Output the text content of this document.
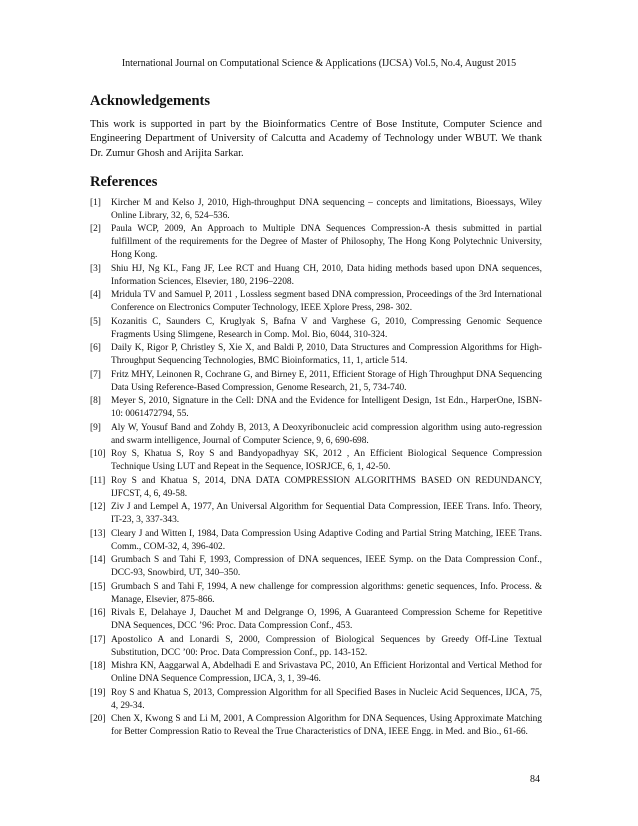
International Journal on Computational Science & Applications (IJCSA) Vol.5, No.4, August 2015
Acknowledgements

This work is supported in part by the Bioinformatics Centre of Bose Institute, Computer Science and Engineering Department of University of Calcutta and Academy of Technology under WBUT. We thank Dr. Zumur Ghosh and Arijita Sarkar.

References
[1]	Kircher M and Kelso J, 2010, High-throughput DNA sequencing – concepts and limitations, Bioessays, Wiley Online Library, 32, 6, 524–536.
[2]	Paula WCP, 2009, An Approach to Multiple DNA Sequences Compression-A thesis submitted in partial fulfillment of the requirements for the Degree of Master of Philosophy, The Hong Kong Polytechnic University, Hong Kong.
[3]	Shiu HJ, Ng KL, Fang JF, Lee RCT and Huang CH, 2010, Data hiding methods based upon DNA sequences, Information Sciences, Elsevier, 180, 2196–2208.
[4]	Mridula TV and Samuel P, 2011 , Lossless segment based DNA compression, Proceedings of the 3rd International Conference on Electronics Computer Technology, IEEE Xplore Press, 298- 302.
[5]	Kozanitis C, Saunders C, Kruglyak S, Bafna V and Varghese G, 2010, Compressing Genomic Sequence Fragments Using Slimgene, Research in Comp. Mol. Bio, 6044, 310-324.
[6]	Daily K, Rigor P, Christley S, Xie X, and Baldi P, 2010, Data Structures and Compression Algorithms for High-Throughput Sequencing Technologies, BMC Bioinformatics, 11, 1, article 514.
[7]	Fritz MHY, Leinonen R, Cochrane G, and Birney E, 2011, Efficient Storage of High Throughput DNA Sequencing Data Using Reference-Based Compression, Genome Research, 21, 5, 734-740.
[8]	Meyer S, 2010, Signature in the Cell: DNA and the Evidence for Intelligent Design, 1st Edn., HarperOne, ISBN-10: 0061472794, 55.
[9]	Aly W, Yousuf Band and Zohdy B, 2013, A Deoxyribonucleic acid compression algorithm using auto-regression and swarm intelligence, Journal of Computer Science, 9, 6, 690-698.
[10] Roy S, Khatua S, Roy S and Bandyopadhyay SK, 2012 , An Efficient Biological Sequence Compression Technique Using LUT and Repeat in the Sequence, IOSRJCE, 6, 1, 42-50.
[11] Roy S and Khatua S, 2014, DNA DATA COMPRESSION ALGORITHMS BASED ON REDUNDANCY, IJFCST, 4, 6, 49-58.
[12] Ziv J and Lempel A, 1977, An Universal Algorithm for Sequential Data Compression, IEEE Trans. Info. Theory, IT-23, 3, 337-343.
[13] Cleary J and Witten I, 1984, Data Compression Using Adaptive Coding and Partial String Matching, IEEE Trans. Comm., COM-32, 4, 396-402.
[14] Grumbach S and Tahi F, 1993, Compression of DNA sequences, IEEE Symp. on the Data Compression Conf., DCC-93, Snowbird, UT, 340–350.
[15] Grumbach S and Tahi F, 1994, A new challenge for compression algorithms: genetic sequences, Info. Process. & Manage, Elsevier, 875-866.
[16] Rivals E, Delahaye J, Dauchet M and Delgrange O, 1996, A Guaranteed Compression Scheme for Repetitive DNA Sequences, DCC ’96: Proc. Data Compression Conf., 453.
[17] Apostolico A and Lonardi S, 2000, Compression of Biological Sequences by Greedy Off-Line Textual Substitution, DCC ’00: Proc. Data Compression Conf., pp. 143-152.
[18] Mishra KN, Aaggarwal A, Abdelhadi E and Srivastava PC, 2010, An Efficient Horizontal and Vertical Method for Online DNA Sequence Compression, IJCA, 3, 1, 39-46.
[19] Roy S and Khatua S, 2013, Compression Algorithm for all Specified Bases in Nucleic Acid Sequences, IJCA, 75, 4, 29-34.
[20] Chen X, Kwong S and Li M, 2001, A Compression Algorithm for DNA Sequences, Using Approximate Matching for Better Compression Ratio to Reveal the True Characteristics of DNA, IEEE Engg. in Med. and Bio., 61-66.
84
